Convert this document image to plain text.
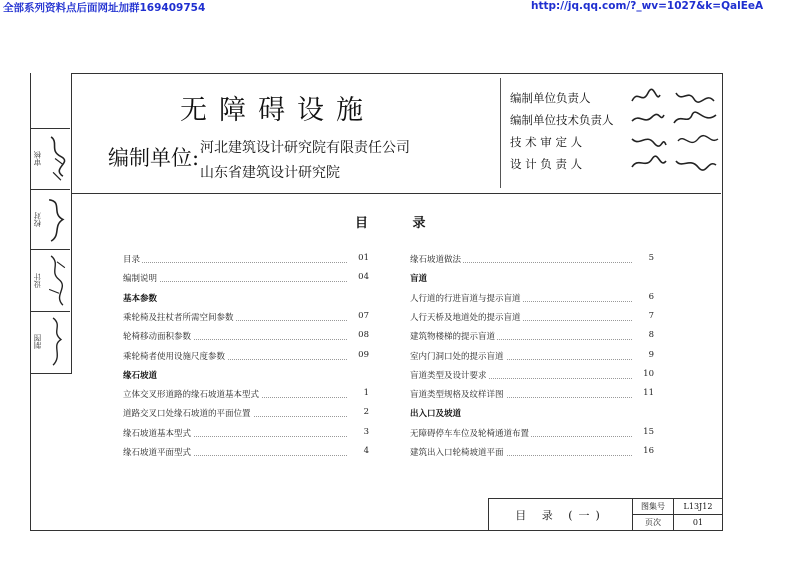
全部系列资料点后面网址加群169409754	http://jq.qq.com/?_wv=1027&k=QalEeA
审核
校对
设计
制图
无障碍设施
编制单位: 河北建筑设计研究院有限责任公司
山东省建筑设计研究院
编制单位负责人
编制单位技术负责人
技 术 审 定 人
设 计 负 责 人
目 录
目 录 (一)
图集号	L13J12
页次	01
目录	01
编制说明	04
基本参数
乘轮椅及拄杖者所需空间参数	07
轮椅移动面积参数	08
乘轮椅者使用设施尺度参数	09
缘石坡道
立体交叉形道路的缘石坡道基本型式	1
道路交叉口处缘石坡道的平面位置	2
缘石坡道基本型式	3
缘石坡道平面型式	4
缘石坡道做法	5
盲道
人行道的行进盲道与提示盲道	6
人行天桥及地道处的提示盲道	7
建筑物楼梯的提示盲道	8
室内门洞口处的提示盲道	9
盲道类型及设计要求	10
盲道类型规格及纹样详图	11
出入口及坡道
无障碍停车车位及轮椅通道布置	15
建筑出入口轮椅坡道平面	16
